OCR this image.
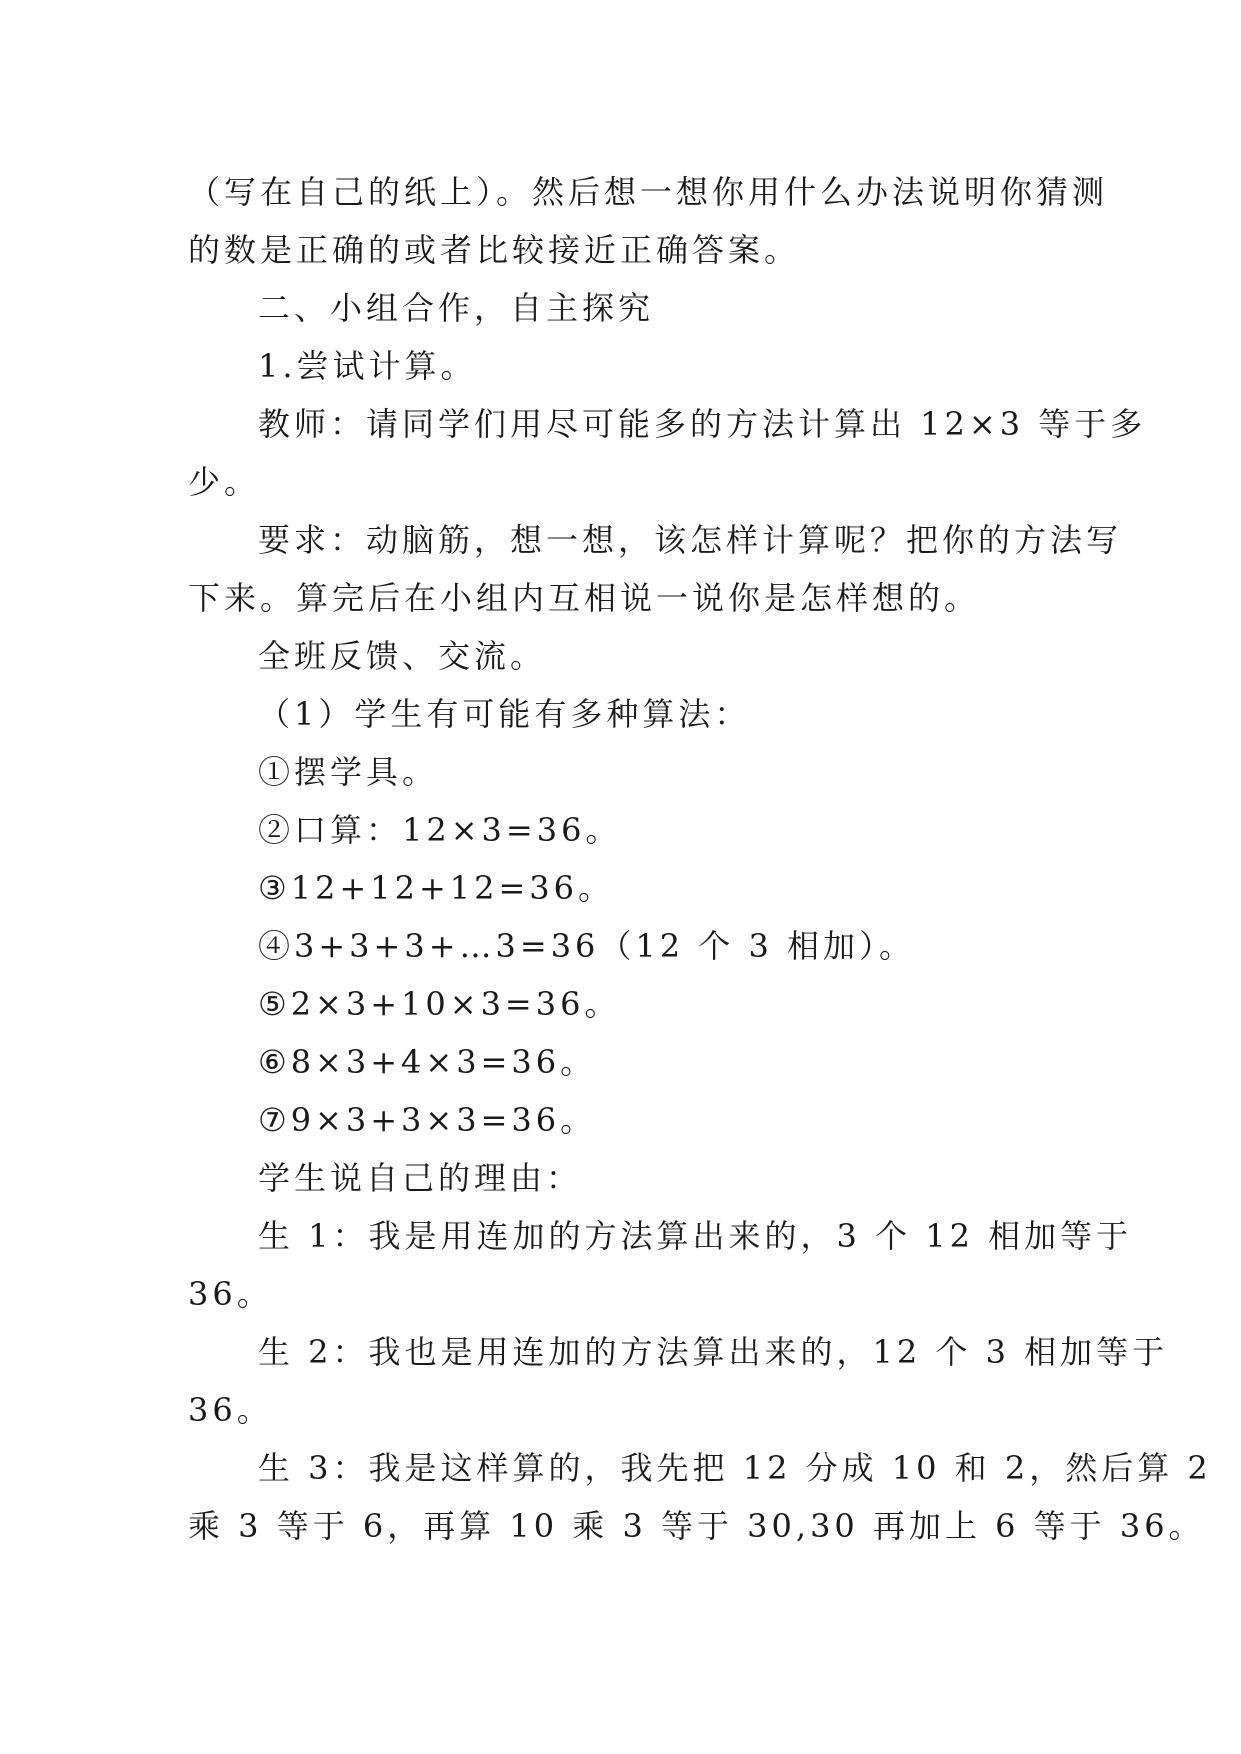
（写在自己的纸上）。然后想一想你用什么办法说明你猜测
的数是正确的或者比较接近正确答案。
二、小组合作，自主探究
1.尝试计算。
教师：请同学们用尽可能多的方法计算出 12×3 等于多
少。
要求：动脑筋，想一想，该怎样计算呢？把你的方法写
下来。算完后在小组内互相说一说你是怎样想的。
全班反馈、交流。
（1）学生有可能有多种算法：
①摆学具。
②口算：12×3=36。
③12+12+12=36。
④3+3+3+…3=36（12 个 3 相加）。
⑤2×3+10×3=36。
⑥8×3+4×3=36。
⑦9×3+3×3=36。
学生说自己的理由：
生 1：我是用连加的方法算出来的，3 个 12 相加等于
36。
生 2：我也是用连加的方法算出来的，12 个 3 相加等于
36。
生 3：我是这样算的，我先把 12 分成 10 和 2，然后算 2
乘 3 等于 6，再算 10 乘 3 等于 30,30 再加上 6 等于 36。
